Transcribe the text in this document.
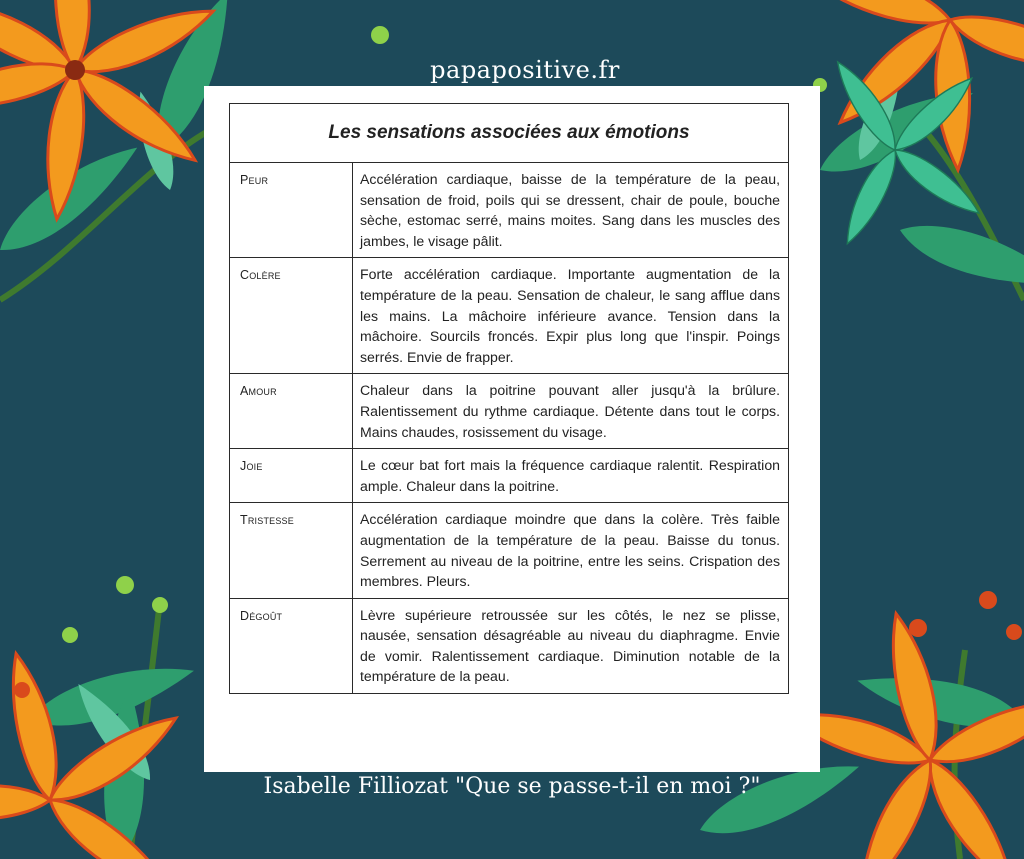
papapositive.fr
Les sensations associées aux émotions
Peur	Accélération cardiaque, baisse de la température de la peau, sensation de froid, poils qui se dressent, chair de poule, bouche sèche, estomac serré, mains moites. Sang dans les muscles des jambes, le visage pâlit.
Colère	Forte accélération cardiaque. Importante augmentation de la température de la peau. Sensation de chaleur, le sang afflue dans les mains. La mâchoire inférieure avance. Tension dans la mâchoire. Sourcils froncés. Expir plus long que l'inspir. Poings serrés. Envie de frapper.
Amour	Chaleur dans la poitrine pouvant aller jusqu'à la brûlure. Ralentissement du rythme cardiaque. Détente dans tout le corps. Mains chaudes, rosissement du visage.
Joie	Le cœur bat fort mais la fréquence cardiaque ralentit. Respiration ample. Chaleur dans la poitrine.
Tristesse	Accélération cardiaque moindre que dans la colère. Très faible augmentation de la température de la peau. Baisse du tonus. Serrement au niveau de la poitrine, entre les seins. Crispation des membres. Pleurs.
Dégoût	Lèvre supérieure retroussée sur les côtés, le nez se plisse, nausée, sensation désagréable au niveau du diaphragme. Envie de vomir. Ralentissement cardiaque. Diminution notable de la température de la peau.
Isabelle Filliozat "Que se passe-t-il en moi ?"
